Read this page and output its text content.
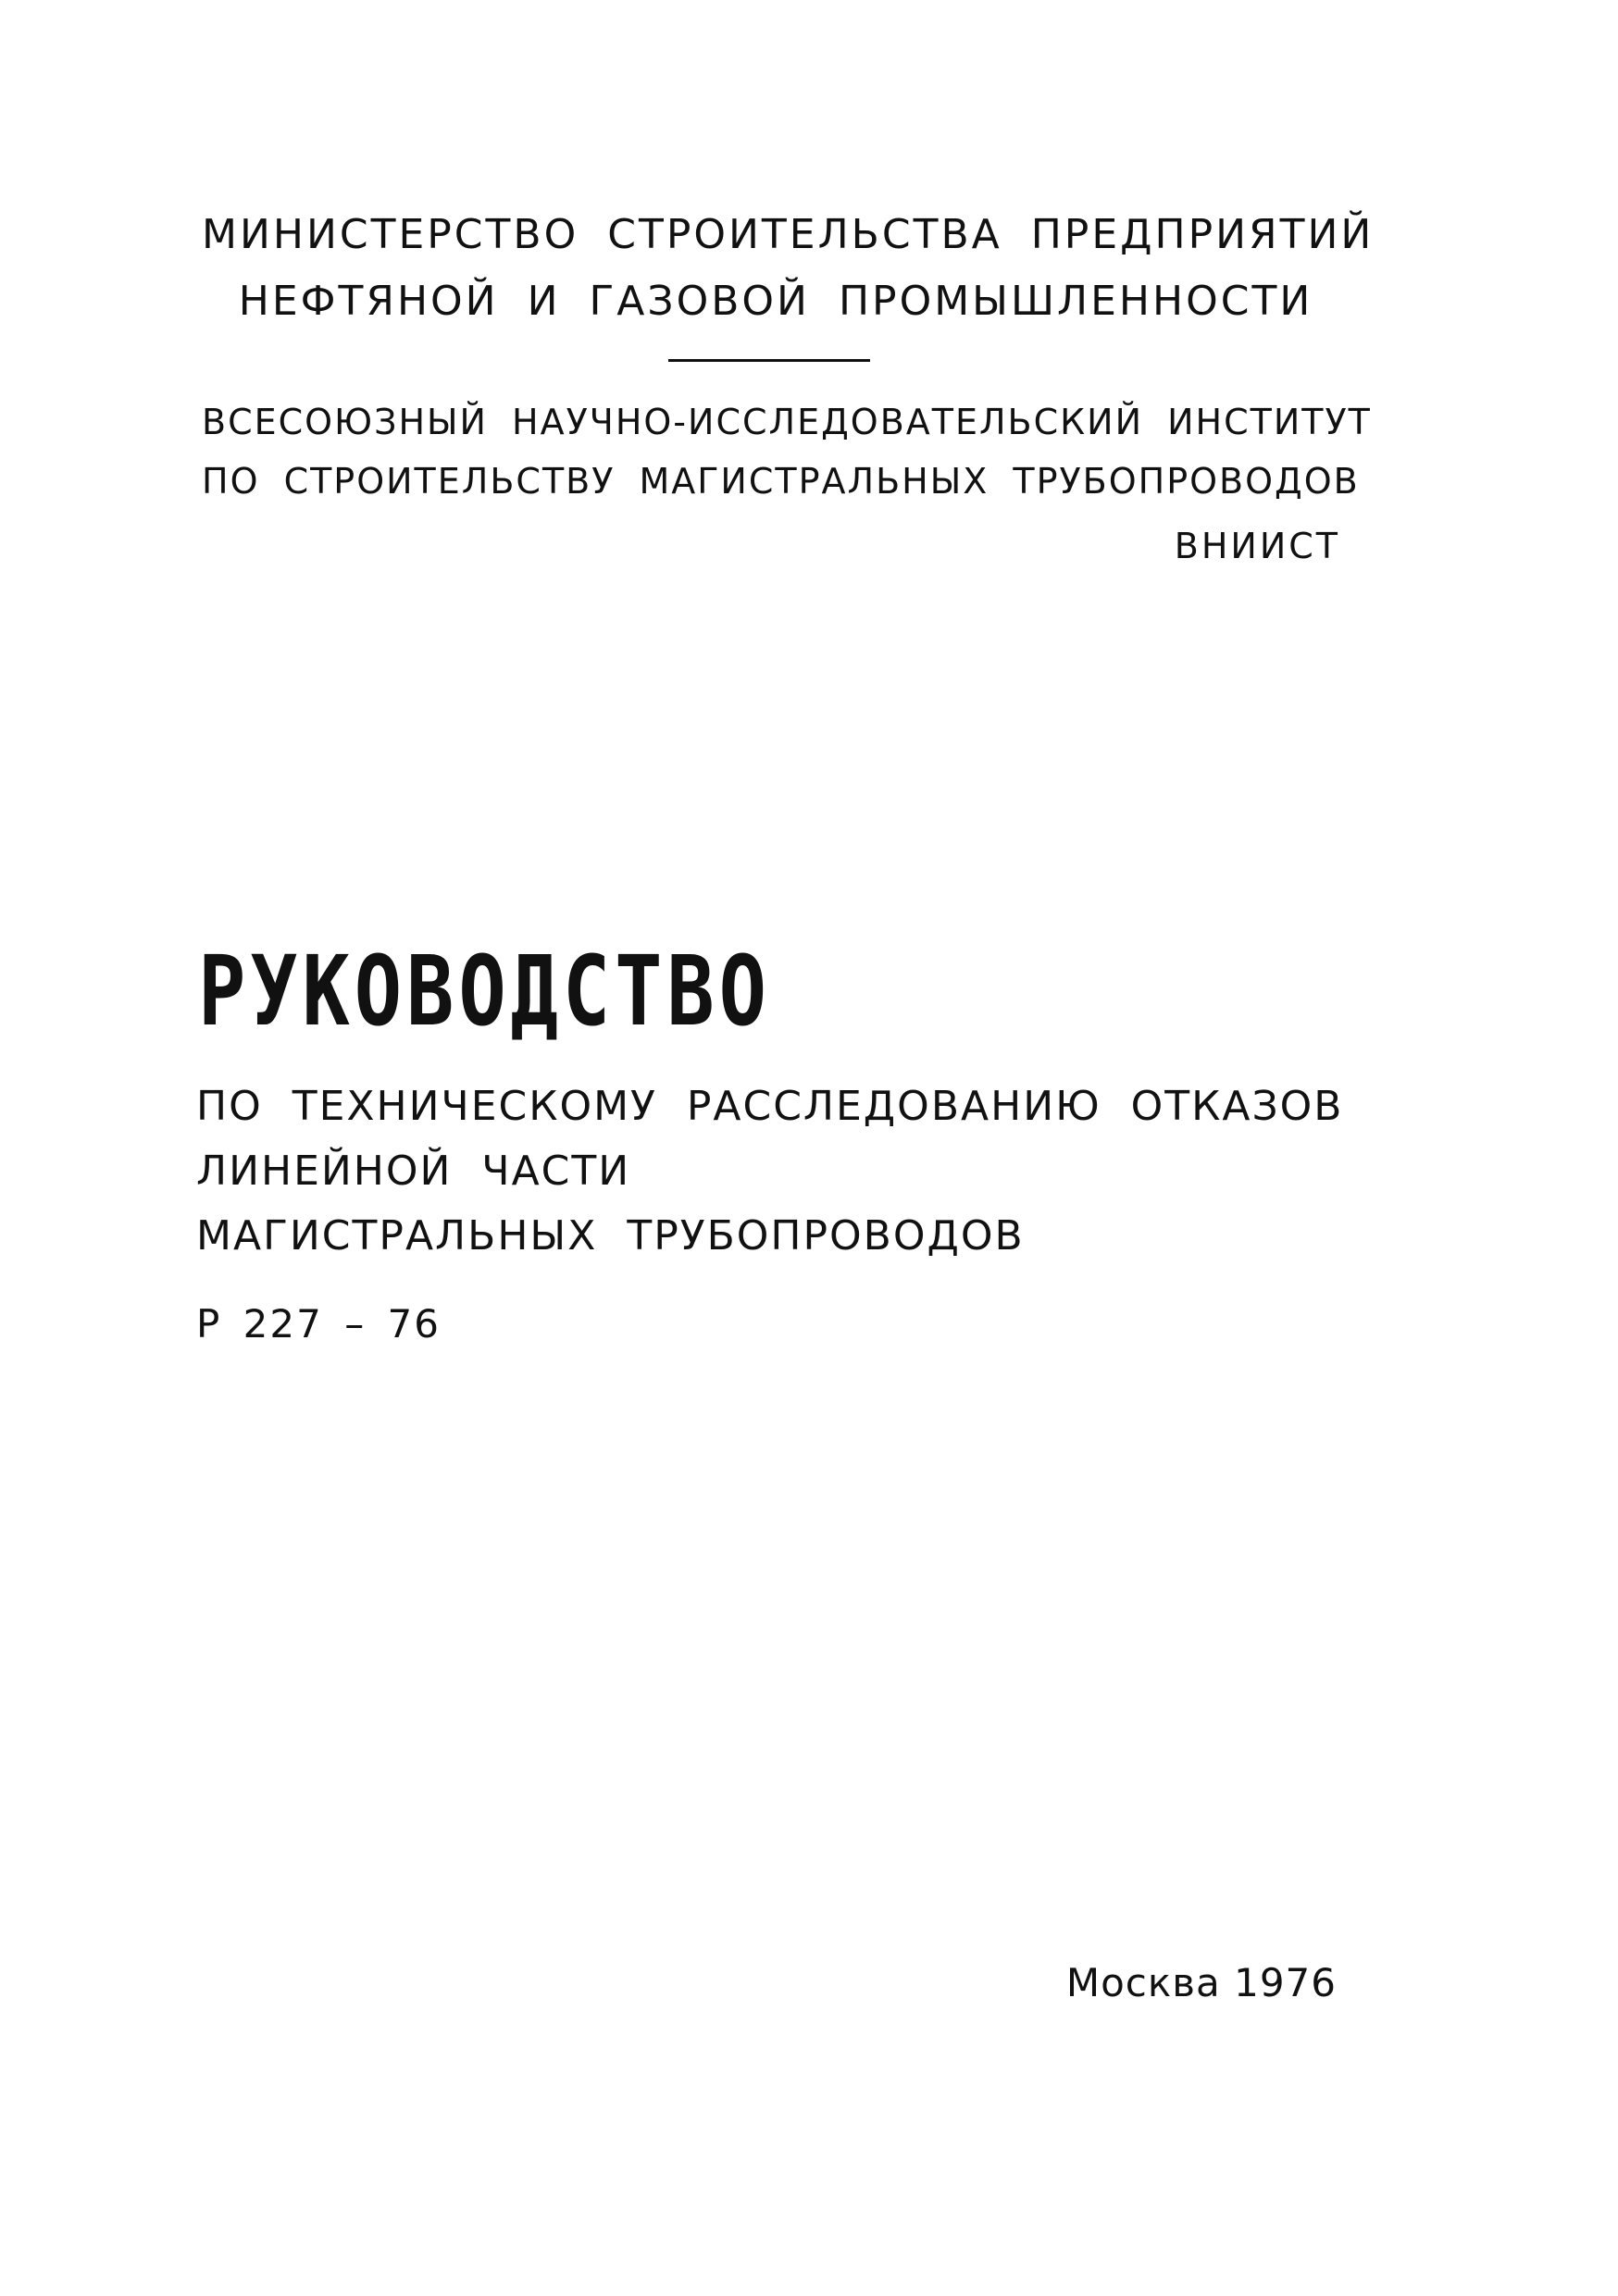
МИНИСТЕРСТВО СТРОИТЕЛЬСТВА ПРЕДПРИЯТИЙ
НЕФТЯНОЙ И ГАЗОВОЙ ПРОМЫШЛЕННОСТИ
ВСЕСОЮЗНЫЙ НАУЧНО-ИССЛЕДОВАТЕЛЬСКИЙ ИНСТИТУТ
ПО СТРОИТЕЛЬСТВУ МАГИСТРАЛЬНЫХ ТРУБОПРОВОДОВ
ВНИИСТ
РУКОВОДСТВО
ПО ТЕХНИЧЕСКОМУ РАССЛЕДОВАНИЮ ОТКАЗОВ
ЛИНЕЙНОЙ ЧАСТИ
МАГИСТРАЛЬНЫХ ТРУБОПРОВОДОВ
Р 227 – 76
Москва 1976
